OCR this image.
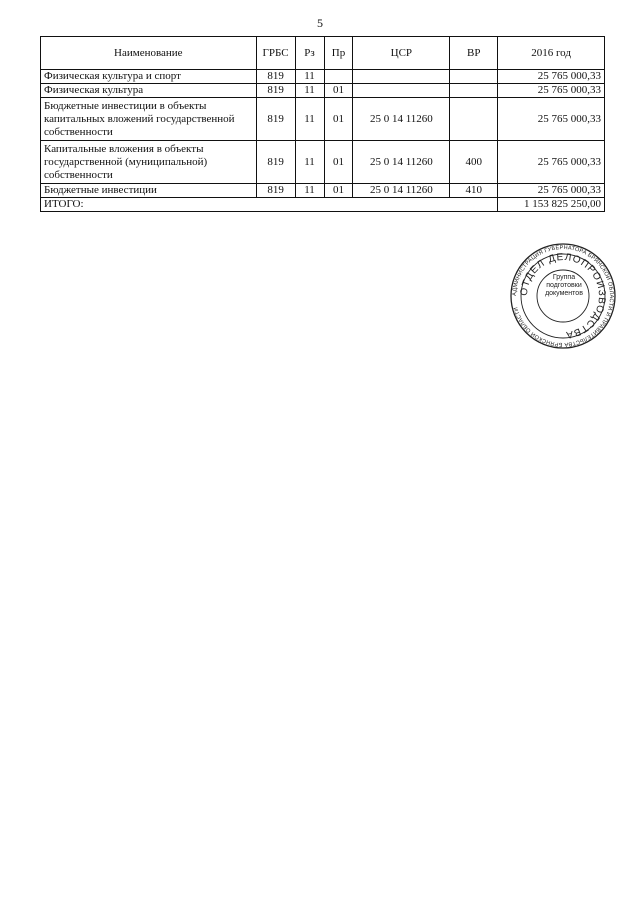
5
Наименование	ГРБС	Рз	Пр	ЦСР	ВР	2016 год
Физическая культура и спорт	819	11				25 765 000,33
Физическая культура	819	11	01			25 765 000,33
Бюджетные инвестиции в объекты капитальных вложений государственной собственности	819	11	01	25 0 14 11260		25 765 000,33
Капитальные вложения в объекты государственной (муниципальной) собственности	819	11	01	25 0 14 11260	400	25 765 000,33
Бюджетные инвестиции	819	11	01	25 0 14 11260	410	25 765 000,33
ИТОГО:						1 153 825 250,00
АДМИНИСТРАЦИЯ ГУБЕРНАТОРА БРЯНСКОЙ ОБЛАСТИ И ПРАВИТЕЛЬСТВА БРЯНСКОЙ ОБЛАСТИ
ОТДЕЛ ДЕЛОПРОИЗВОДСТВА
Группа
подготовки
документов
